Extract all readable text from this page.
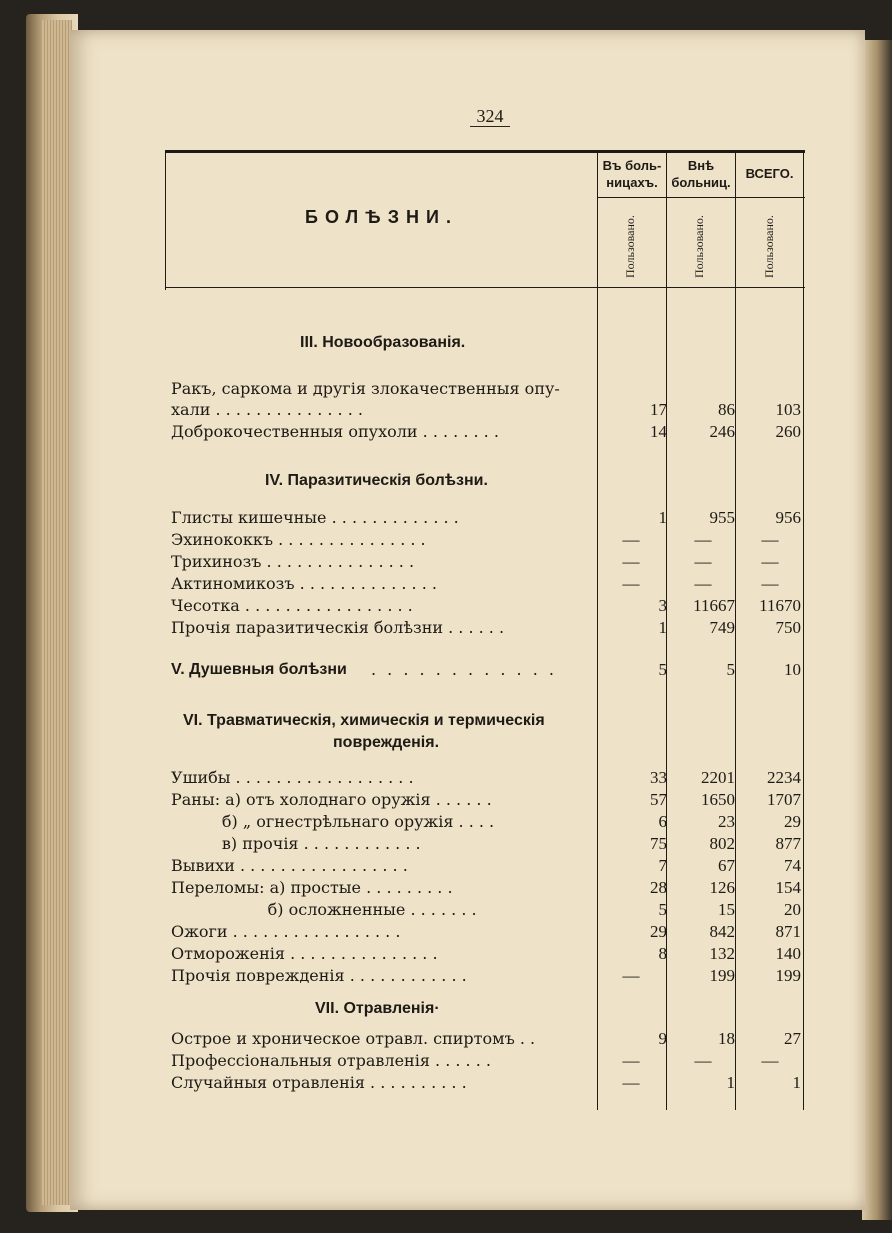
324
БОЛѢЗНИ.
Въ боль-
ницахъ.
Внѣ
больниц.
ВСЕГО.
Пользовано.	Пользовано.	Пользовано.
III. Новообразованія.
Ракъ, саркома и другія злокачественныя опу-
хали . . . . . . . . . . . . . . .	17	86	103
Доброкочественныя опухоли . . . . . . . .	14	246	260
IV. Паразитическія болѣзни.
Глисты кишечные . . . . . . . . . . . . .	1	955	956
Эхинококкъ . . . . . . . . . . . . . . .	—	—	—
Трихинозъ . . . . . . . . . . . . . . .	—	—	—
Актиномикозъ . . . . . . . . . . . . . .	—	—	—
Чесотка . . . . . . . . . . . . . . . . .	3	11667	11670
Прочія паразитическія болѣзни . . . . . .	1	749	750
V. Душевныя болѣзни . . . . . . . . . . . .	5	5	10
VI. Травматическія, химическія и термическія
поврежденія.
Ушибы . . . . . . . . . . . . . . . . . .	33	2201	2234
Раны: а) отъ холоднаго оружія . . . . . .	57	1650	1707
б) „ огнестрѣльнаго оружія . . . .	6	23	29
в) прочія . . . . . . . . . . . .	75	802	877
Вывихи . . . . . . . . . . . . . . . . .	7	67	74
Переломы: а) простые . . . . . . . . .	28	126	154
б) осложненные . . . . . . .	5	15	20
Ожоги . . . . . . . . . . . . . . . . .	29	842	871
Отмороженія . . . . . . . . . . . . . . .	8	132	140
Прочія поврежденія . . . . . . . . . . . .	—	199	199
VII. Отравленія·
Острое и хроническое отравл. спиртомъ . .	9	18	27
Профессіональныя отравленія . . . . . .	—	—	—
Случайныя отравленія . . . . . . . . . .	—	1	1
